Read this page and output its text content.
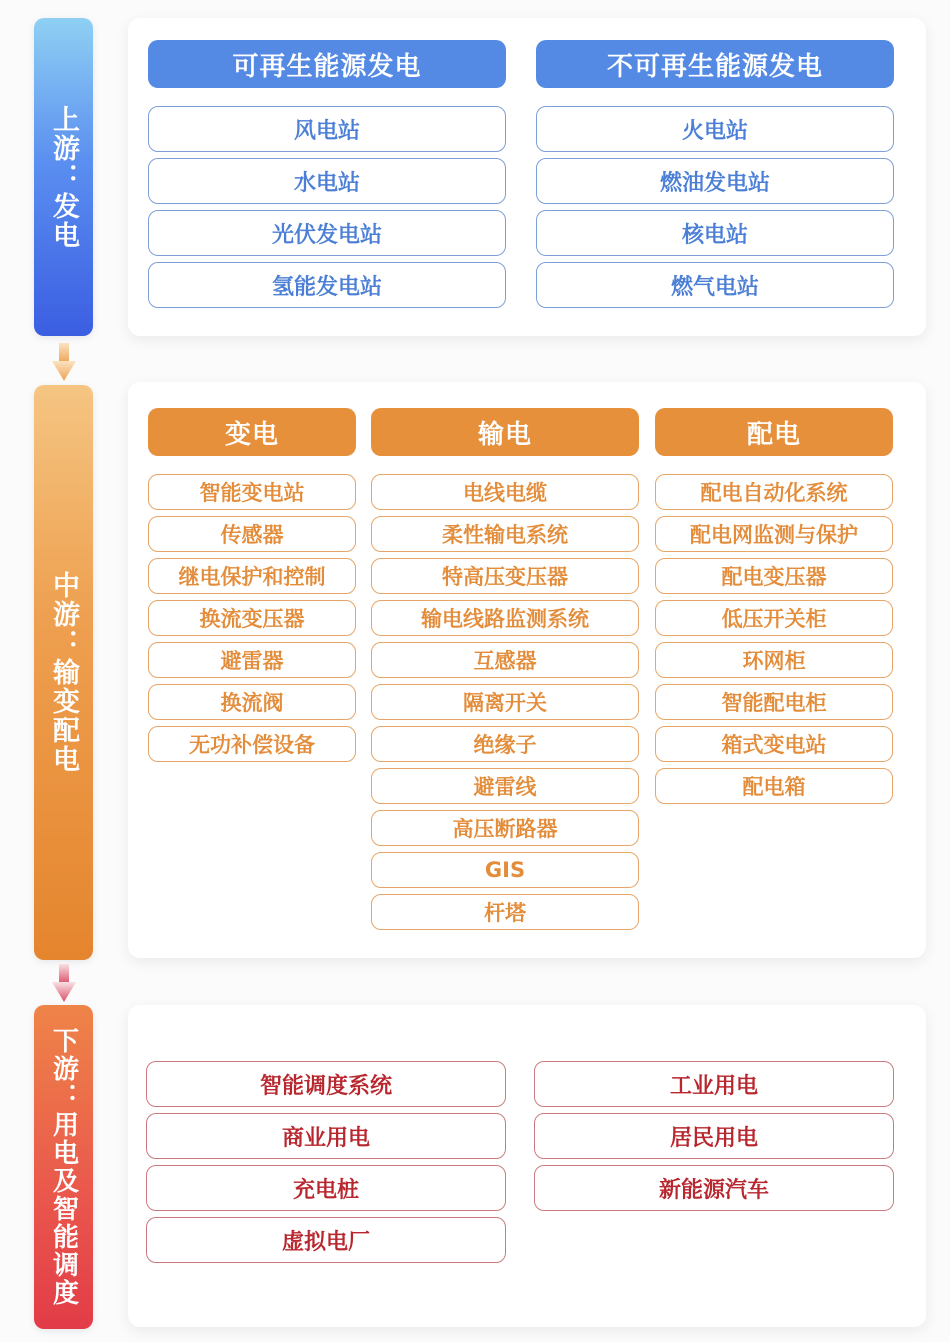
上游：发电
中游：输变配电
下游：用电及智能调度
可再生能源发电
风电站
水电站
光伏发电站
氢能发电站
不可再生能源发电
火电站
燃油发电站
核电站
燃气电站
变电
智能变电站
传感器
继电保护和控制
换流变压器
避雷器
换流阀
无功补偿设备
输电
电线电缆
柔性输电系统
特高压变压器
输电线路监测系统
互感器
隔离开关
绝缘子
避雷线
高压断路器
GIS
杆塔
配电
配电自动化系统
配电网监测与保护
配电变压器
低压开关柜
环网柜
智能配电柜
箱式变电站
配电箱
智能调度系统
商业用电
充电桩
虚拟电厂
工业用电
居民用电
新能源汽车
